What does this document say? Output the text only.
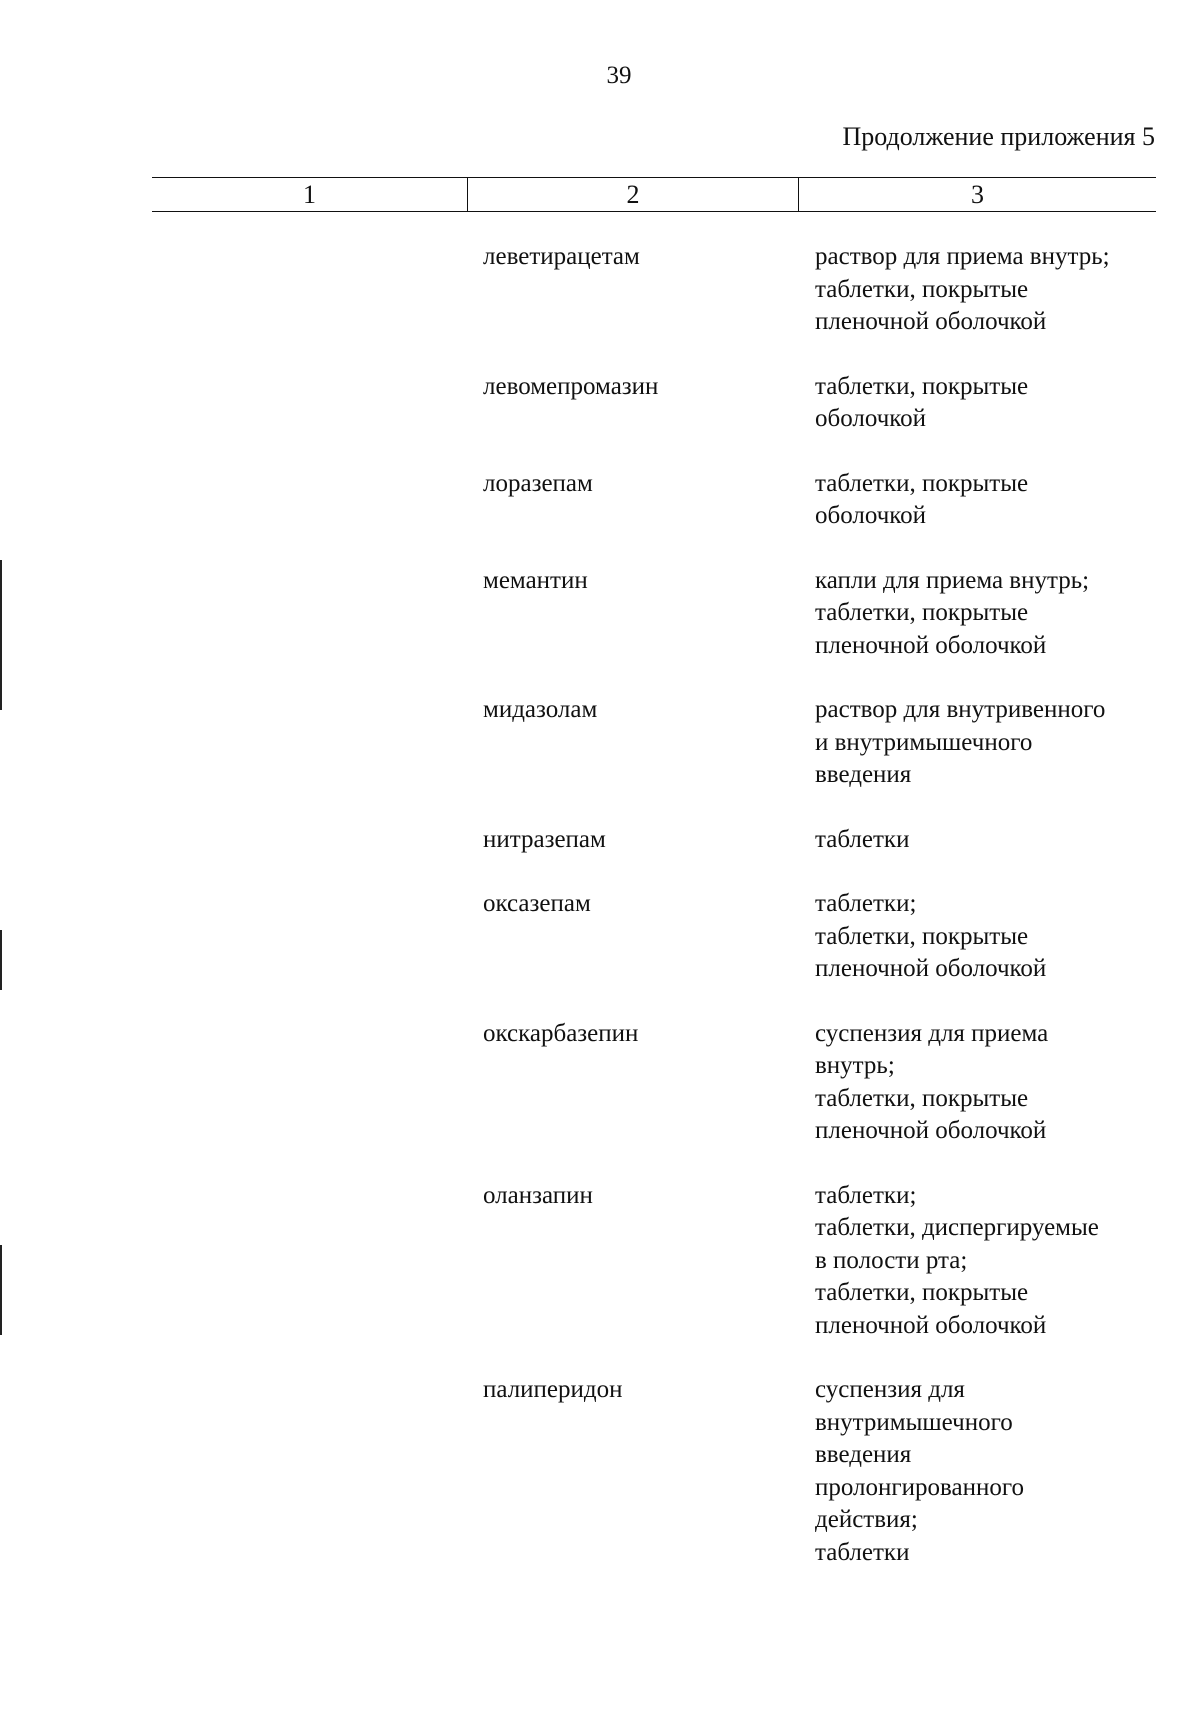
39
Продолжение приложения 5
1	2	3
леветирацетам	раствор для приема внутрь;
таблетки, покрытые
пленочной оболочкой
левомепромазин	таблетки, покрытые
оболочкой
лоразепам	таблетки, покрытые
оболочкой
мемантин	капли для приема внутрь;
таблетки, покрытые
пленочной оболочкой
мидазолам	раствор для внутривенного
и внутримышечного
введения
нитразепам	таблетки
оксазепам	таблетки;
таблетки, покрытые
пленочной оболочкой
окскарбазепин	суспензия для приема
внутрь;
таблетки, покрытые
пленочной оболочкой
оланзапин	таблетки;
таблетки, диспергируемые
в полости рта;
таблетки, покрытые
пленочной оболочкой
палиперидон	суспензия для
внутримышечного
введения
пролонгированного
действия;
таблетки
